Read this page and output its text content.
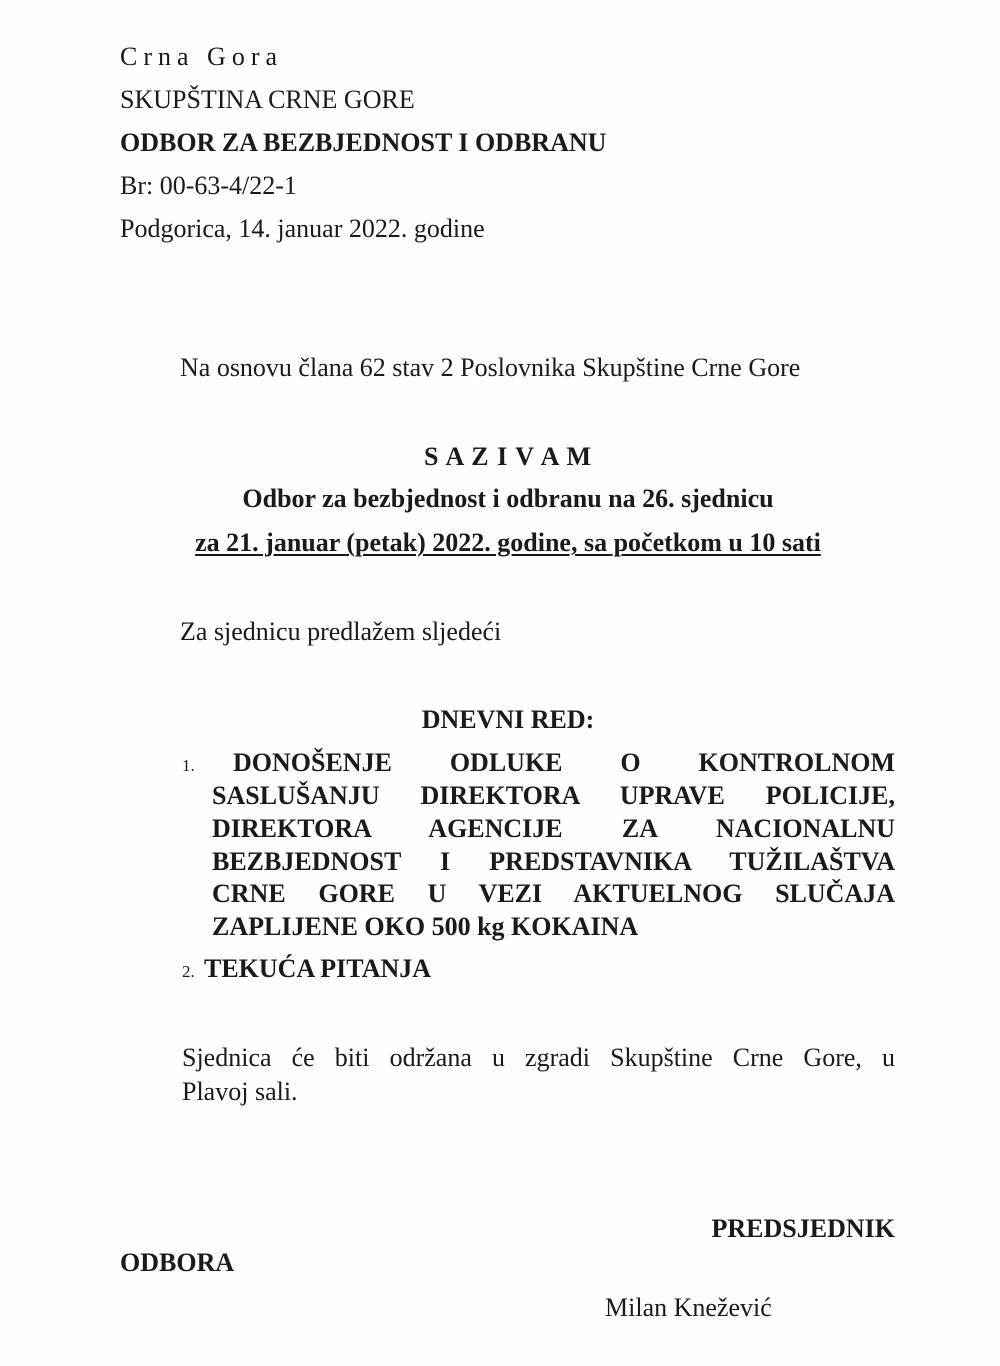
Crna Gora
SKUPŠTINA CRNE GORE
ODBOR ZA BEZBJEDNOST I ODBRANU
Br: 00-63-4/22-1
Podgorica, 14. januar 2022. godine
Na osnovu člana 62 stav 2 Poslovnika Skupštine Crne Gore
S A Z I V A M
Odbor za bezbjednost i odbranu na 26. sjednicu
za 21. januar (petak) 2022. godine, sa početkom u 10 sati
Za sjednicu predlažem sljedeći
DNEVNI RED:
1. DONOŠENJE ODLUKE O KONTROLNOM
SASLUŠANJU DIREKTORA UPRAVE POLICIJE,
DIREKTORA AGENCIJE ZA NACIONALNU
BEZBJEDNOST I PREDSTAVNIKA TUŽILAŠTVA
CRNE GORE U VEZI AKTUELNOG SLUČAJA
ZAPLIJENE OKO 500 kg KOKAINA
2. TEKUĆA PITANJA
Sjednica će biti održana u zgradi Skupštine Crne Gore, u
Plavoj sali.
PREDSJEDNIK
ODBORA
Milan Knežević
